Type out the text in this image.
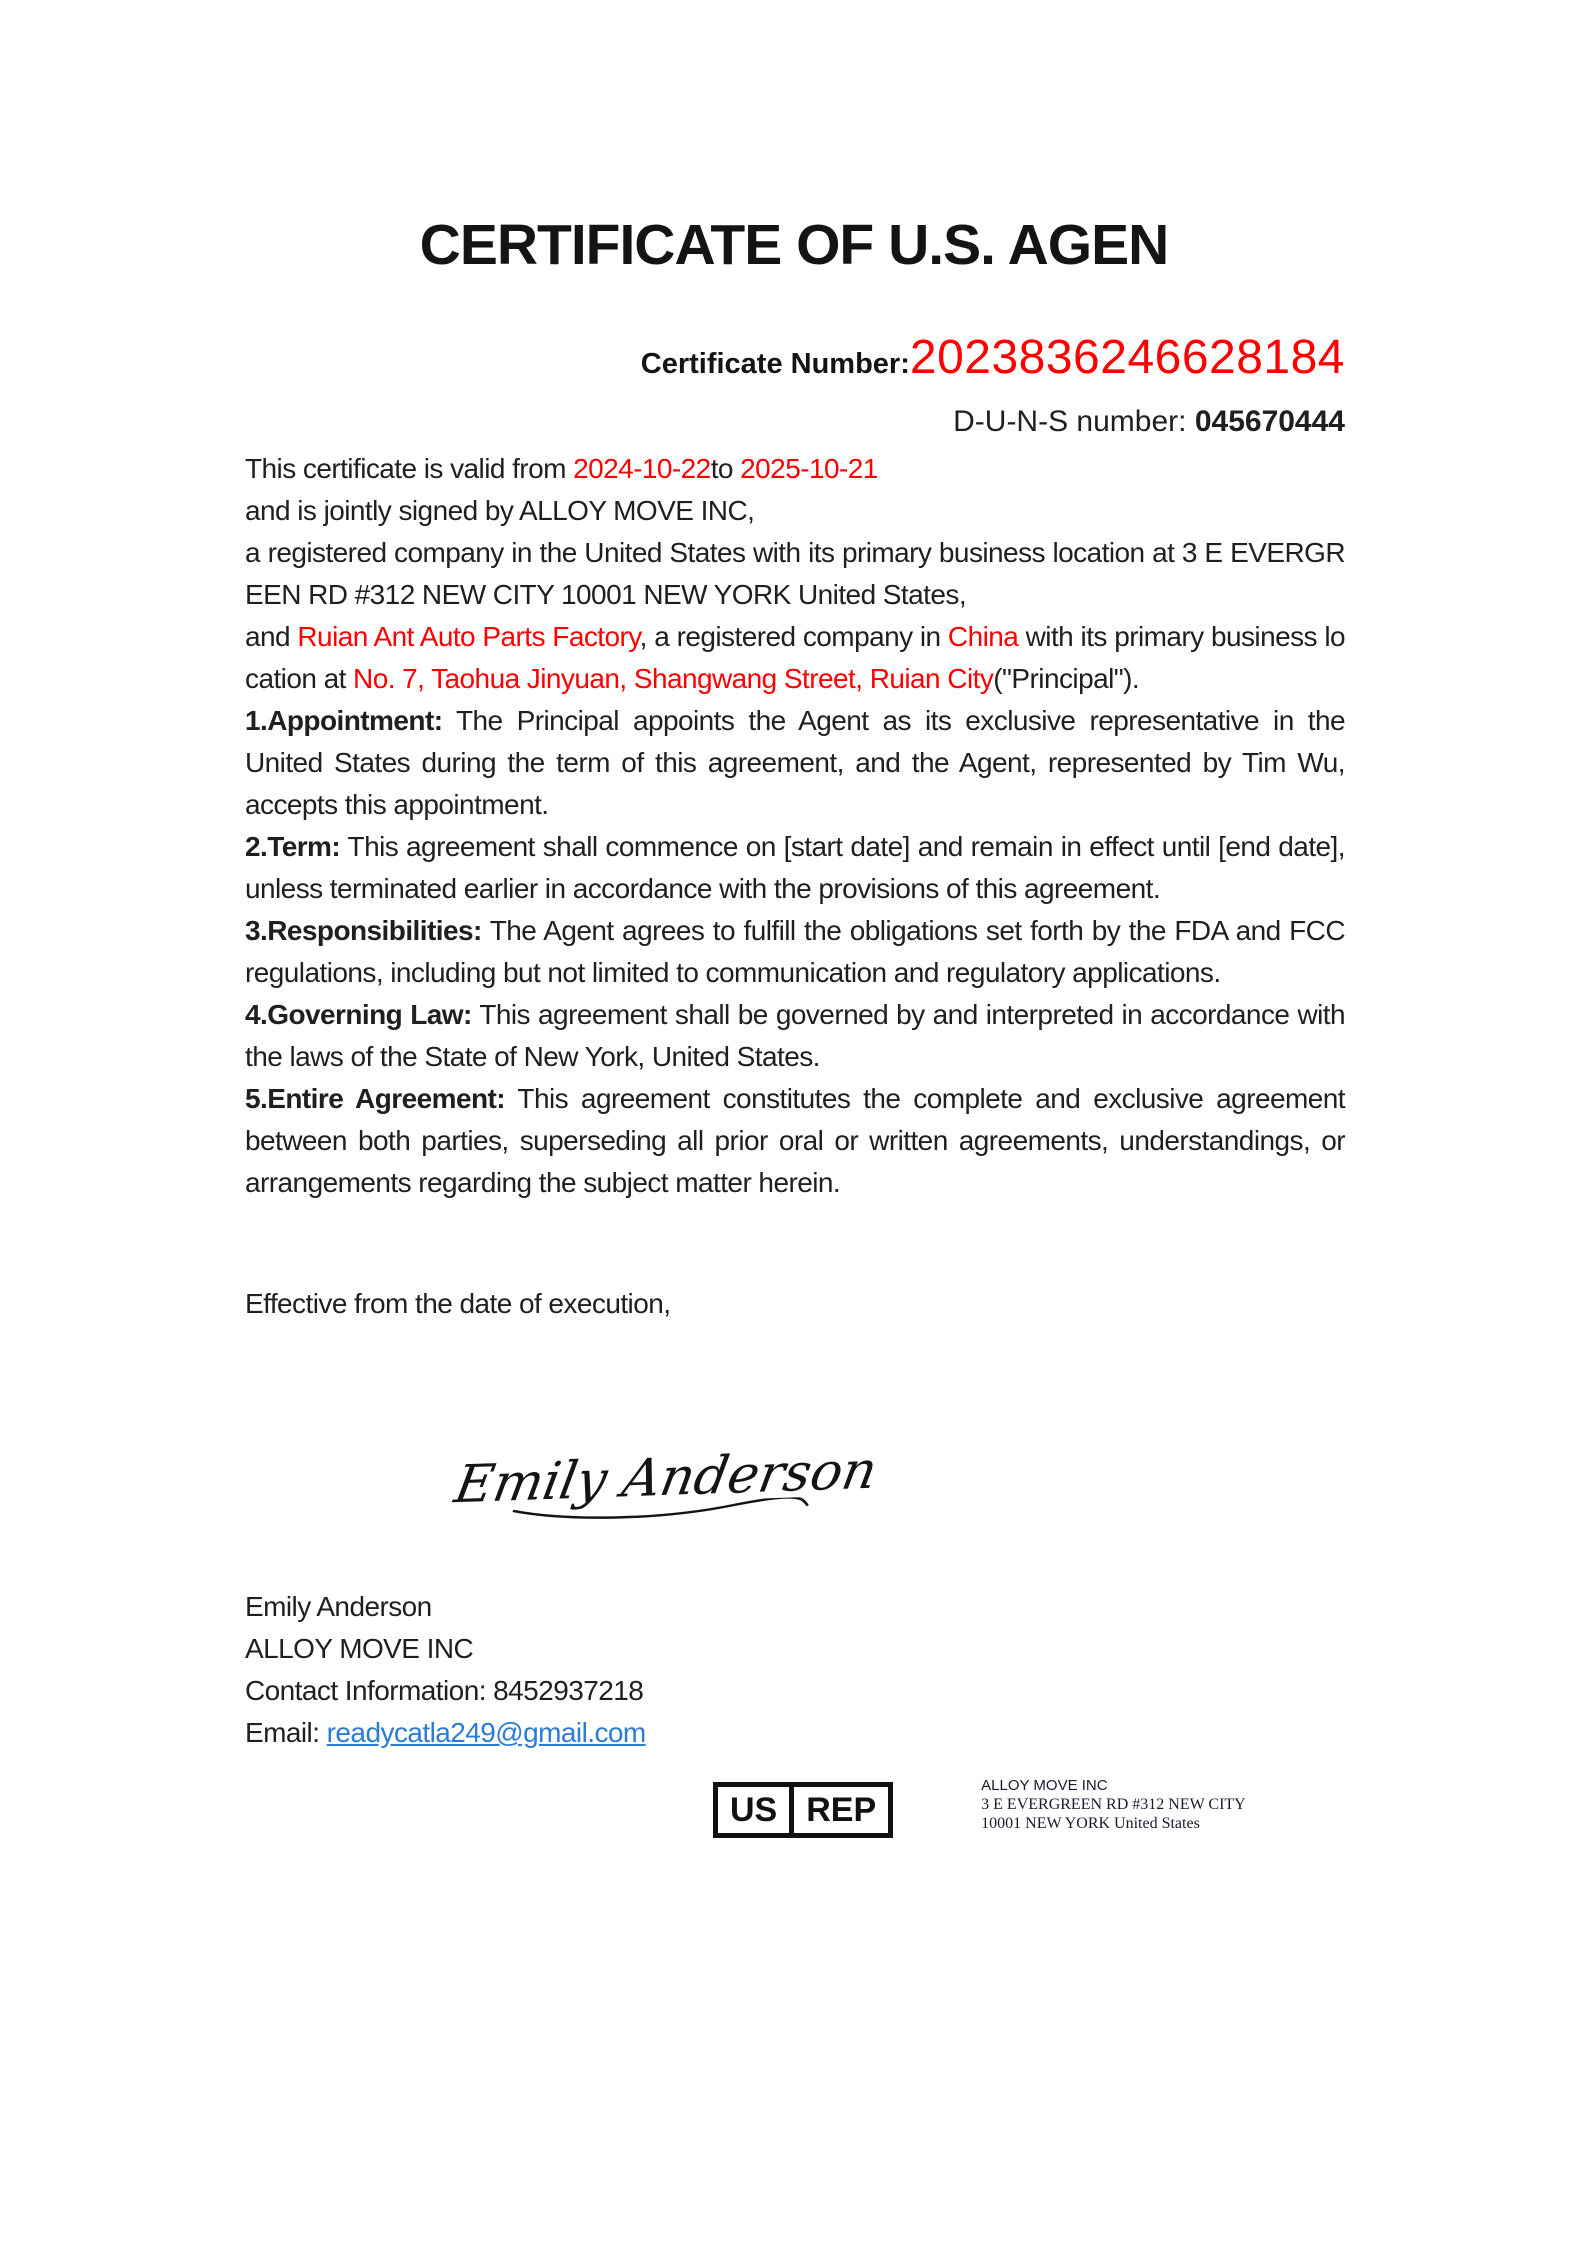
CERTIFICATE OF U.S. AGEN
Certificate Number:2023836246628184
D-U-N-S number: 045670444
This certificate is valid from 2024-10-22to 2025-10-21
and is jointly signed by ALLOY MOVE INC,
a registered company in the United States with its primary business location at 3 E EVERGREEN RD #312 NEW CITY 10001 NEW YORK United States,
and Ruian Ant Auto Parts Factory, a registered company in China with its primary business location at No. 7, Taohua Jinyuan, Shangwang Street, Ruian City("Principal").
1.Appointment: The Principal appoints the Agent as its exclusive representative in the United States during the term of this agreement, and the Agent, represented by Tim Wu, accepts this appointment.
2.Term: This agreement shall commence on [start date] and remain in effect until [end date], unless terminated earlier in accordance with the provisions of this agreement.
3.Responsibilities: The Agent agrees to fulfill the obligations set forth by the FDA and FCC regulations, including but not limited to communication and regulatory applications.
4.Governing Law: This agreement shall be governed by and interpreted in accordance with the laws of the State of New York, United States.
5.Entire Agreement: This agreement constitutes the complete and exclusive agreement between both parties, superseding all prior oral or written agreements, understandings, or arrangements regarding the subject matter herein.
Effective from the date of execution,
Emily Anderson
Emily Anderson
ALLOY MOVE INC
Contact Information: 8452937218
Email: readycatla249@gmail.com
US REP
ALLOY MOVE INC
3 E EVERGREEN RD #312 NEW CITY
10001 NEW YORK United States
